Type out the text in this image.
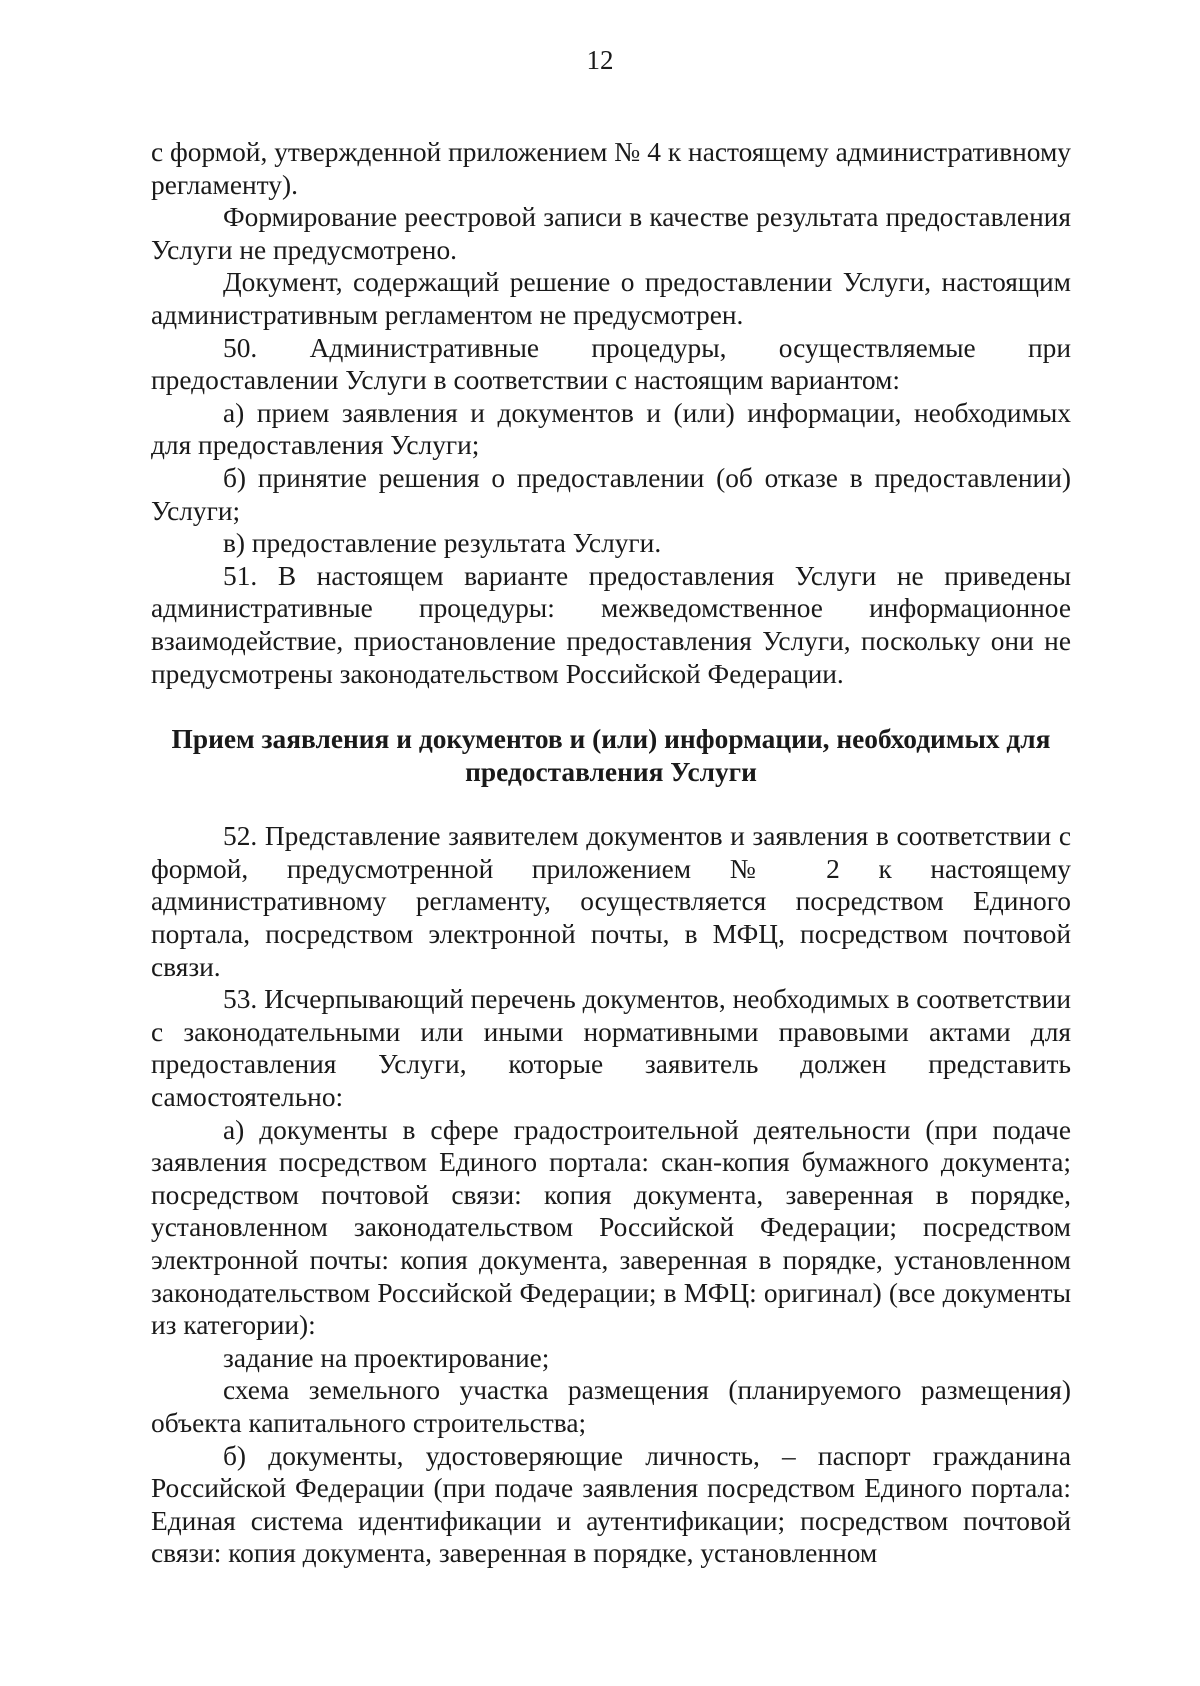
12

с формой, утвержденной приложением № 4 к настоящему административному регламенту).

Формирование реестровой записи в качестве результата предоставления Услуги не предусмотрено.

Документ, содержащий решение о предоставлении Услуги, настоящим административным регламентом не предусмотрен.

50. Административные процедуры, осуществляемые при предоставлении Услуги в соответствии с настоящим вариантом:

а) прием заявления и документов и (или) информации, необходимых для предоставления Услуги;

б) принятие решения о предоставлении (об отказе в предоставлении) Услуги;

в) предоставление результата Услуги.

51. В настоящем варианте предоставления Услуги не приведены административные процедуры: межведомственное информационное взаимодействие, приостановление предоставления Услуги, поскольку они не предусмотрены законодательством Российской Федерации.

Прием заявления и документов и (или) информации, необходимых для предоставления Услуги

52. Представление заявителем документов и заявления в соответствии с формой, предусмотренной приложением № 2 к настоящему административному регламенту, осуществляется посредством Единого портала, посредством электронной почты, в МФЦ, посредством почтовой связи.

53. Исчерпывающий перечень документов, необходимых в соответствии с законодательными или иными нормативными правовыми актами для предоставления Услуги, которые заявитель должен представить самостоятельно:

а) документы в сфере градостроительной деятельности (при подаче заявления посредством Единого портала: скан-копия бумажного документа; посредством почтовой связи: копия документа, заверенная в порядке, установленном законодательством Российской Федерации; посредством электронной почты: копия документа, заверенная в порядке, установленном законодательством Российской Федерации; в МФЦ: оригинал) (все документы из категории):

задание на проектирование;

схема земельного участка размещения (планируемого размещения) объекта капитального строительства;

б) документы, удостоверяющие личность, – паспорт гражданина Российской Федерации (при подаче заявления посредством Единого портала: Единая система идентификации и аутентификации; посредством почтовой связи: копия документа, заверенная в порядке, установленном
